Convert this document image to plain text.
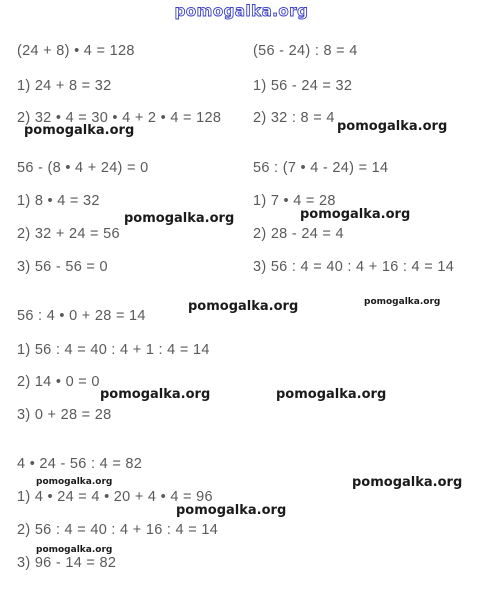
pomogalka.org
(24 + 8) • 4 = 128
1) 24 + 8 = 32
2) 32 • 4 = 30 • 4 + 2 • 4 = 128
(56 - 24) : 8 = 4
1) 56 - 24 = 32
2) 32 : 8 = 4
56 - (8 • 4 + 24) = 0
1) 8 • 4 = 32
2) 32 + 24 = 56
3) 56 - 56 = 0
56 : (7 • 4 - 24) = 14
1) 7 • 4 = 28
2) 28 - 24 = 4
3) 56 : 4 = 40 : 4 + 16 : 4 = 14
56 : 4 • 0 + 28 = 14
1) 56 : 4 = 40 : 4 + 1 : 4 = 14
2) 14 • 0 = 0
3) 0 + 28 = 28
4 • 24 - 56 : 4 = 82
1) 4 • 24 = 4 • 20 + 4 • 4 = 96
2) 56 : 4 = 40 : 4 + 16 : 4 = 14
3) 96 - 14 = 82
pomogalka.org	pomogalka.org
pomogalka.org	pomogalka.org
pomogalka.org	pomogalka.org
pomogalka.org	pomogalka.org
pomogalka.org	pomogalka.org
pomogalka.org
pomogalka.org
